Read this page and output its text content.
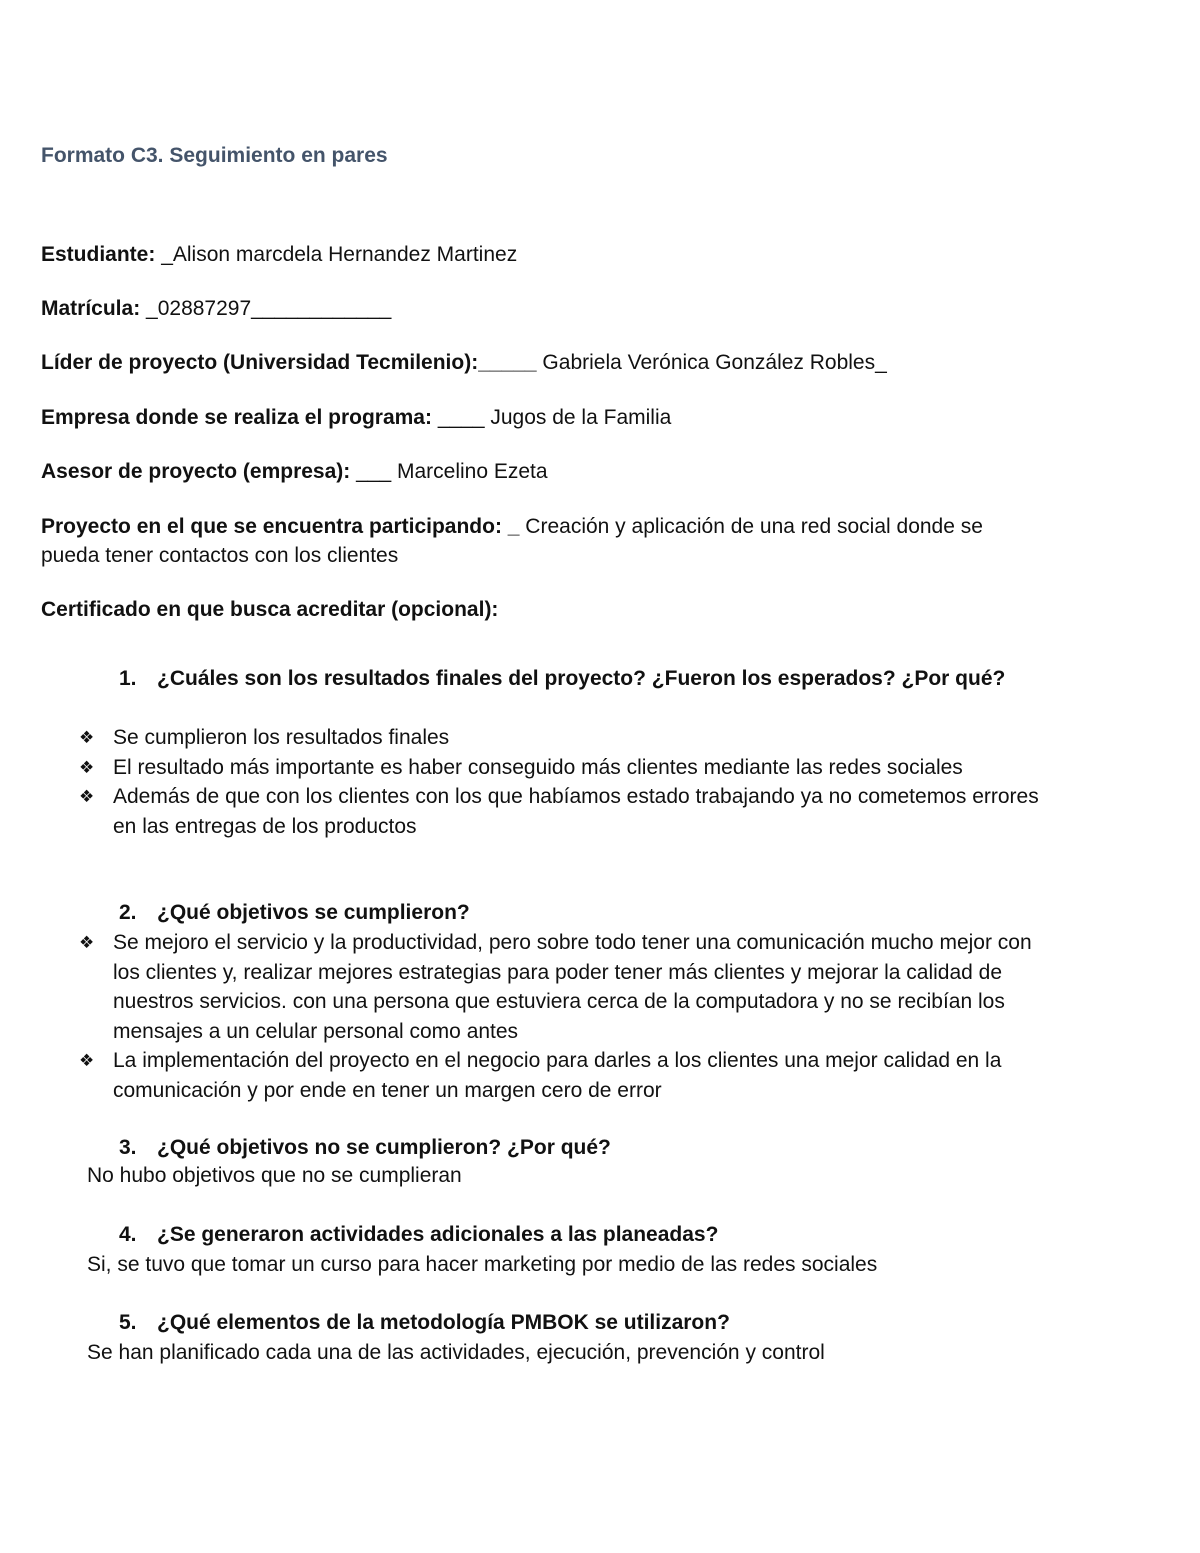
Formato C3. Seguimiento en pares
Estudiante: _Alison marcdela Hernandez Martinez
Matrícula: _02887297____________
Líder de proyecto (Universidad Tecmilenio):_____ Gabriela Verónica González Robles_
Empresa donde se realiza el programa: ____ Jugos de la Familia
Asesor de proyecto (empresa): ___ Marcelino Ezeta
Proyecto en el que se encuentra participando: _ Creación y aplicación de una red social donde se pueda tener contactos con los clientes
Certificado en que busca acreditar (opcional):
1. ¿Cuáles son los resultados finales del proyecto? ¿Fueron los esperados? ¿Por qué?
❖ Se cumplieron los resultados finales
❖ El resultado más importante es haber conseguido más clientes mediante las redes sociales
❖ Además de que con los clientes con los que habíamos estado trabajando ya no cometemos errores en las entregas de los productos
2. ¿Qué objetivos se cumplieron?
❖ Se mejoro el servicio y la productividad, pero sobre todo tener una comunicación mucho mejor con los clientes y, realizar mejores estrategias para poder tener más clientes y mejorar la calidad de nuestros servicios. con una persona que estuviera cerca de la computadora y no se recibían los mensajes a un celular personal como antes
❖ La implementación del proyecto en el negocio para darles a los clientes una mejor calidad en la comunicación y por ende en tener un margen cero de error
3. ¿Qué objetivos no se cumplieron? ¿Por qué?
No hubo objetivos que no se cumplieran
4. ¿Se generaron actividades adicionales a las planeadas?
Si, se tuvo que tomar un curso para hacer marketing por medio de las redes sociales
5. ¿Qué elementos de la metodología PMBOK se utilizaron?
Se han planificado cada una de las actividades, ejecución, prevención y control
